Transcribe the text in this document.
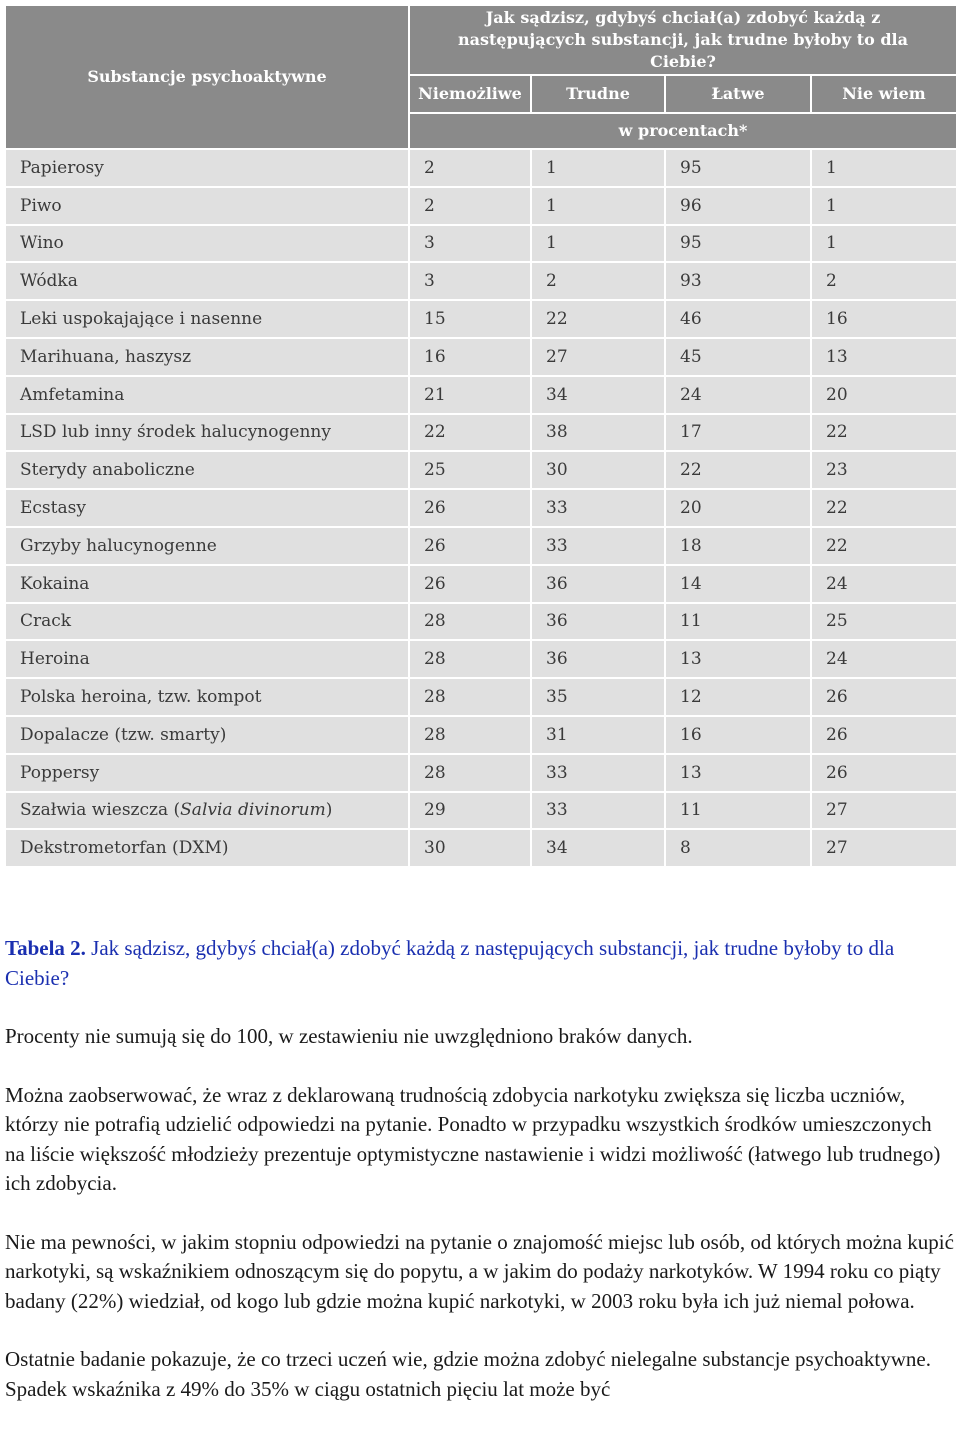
Substancje psychoaktywne	Jak sądzisz, gdybyś chciał(a) zdobyć każdą z następujących substancji, jak trudne byłoby to dla Ciebie?			
	Niemożliwe	Trudne	Łatwe	Nie wiem
	w procentach*			
Papierosy	2	1	95	1
Piwo	2	1	96	1
Wino	3	1	95	1
Wódka	3	2	93	2
Leki uspokajające i nasenne	15	22	46	16
Marihuana, haszysz	16	27	45	13
Amfetamina	21	34	24	20
LSD lub inny środek halucynogenny	22	38	17	22
Sterydy anaboliczne	25	30	22	23
Ecstasy	26	33	20	22
Grzyby halucynogenne	26	33	18	22
Kokaina	26	36	14	24
Crack	28	36	11	25
Heroina	28	36	13	24
Polska heroina, tzw. kompot	28	35	12	26
Dopalacze (tzw. smarty)	28	31	16	26
Poppersy	28	33	13	26
Szałwia wieszcza (Salvia divinorum)	29	33	11	27
Dekstrometorfan (DXM)	30	34	8	27

Tabela 2. Jak sądzisz, gdybyś chciał(a) zdobyć każdą z następujących substancji, jak trudne byłoby to dla Ciebie?

Procenty nie sumują się do 100, w zestawieniu nie uwzględniono braków danych.

Można zaobserwować, że wraz z deklarowaną trudnością zdobycia narkotyku zwiększa się liczba uczniów, którzy nie potrafią udzielić odpowiedzi na pytanie. Ponadto w przypadku wszystkich środków umieszczonych na liście większość młodzieży prezentuje optymistyczne nastawienie i widzi możliwość (łatwego lub trudnego) ich zdobycia.

Nie ma pewności, w jakim stopniu odpowiedzi na pytanie o znajomość miejsc lub osób, od których można kupić narkotyki, są wskaźnikiem odnoszącym się do popytu, a w jakim do podaży narkotyków. W 1994 roku co piąty badany (22%) wiedział, od kogo lub gdzie można kupić narkotyki, w 2003 roku była ich już niemal połowa.

Ostatnie badanie pokazuje, że co trzeci uczeń wie, gdzie można zdobyć nielegalne substancje psychoaktywne. Spadek wskaźnika z 49% do 35% w ciągu ostatnich pięciu lat może być
